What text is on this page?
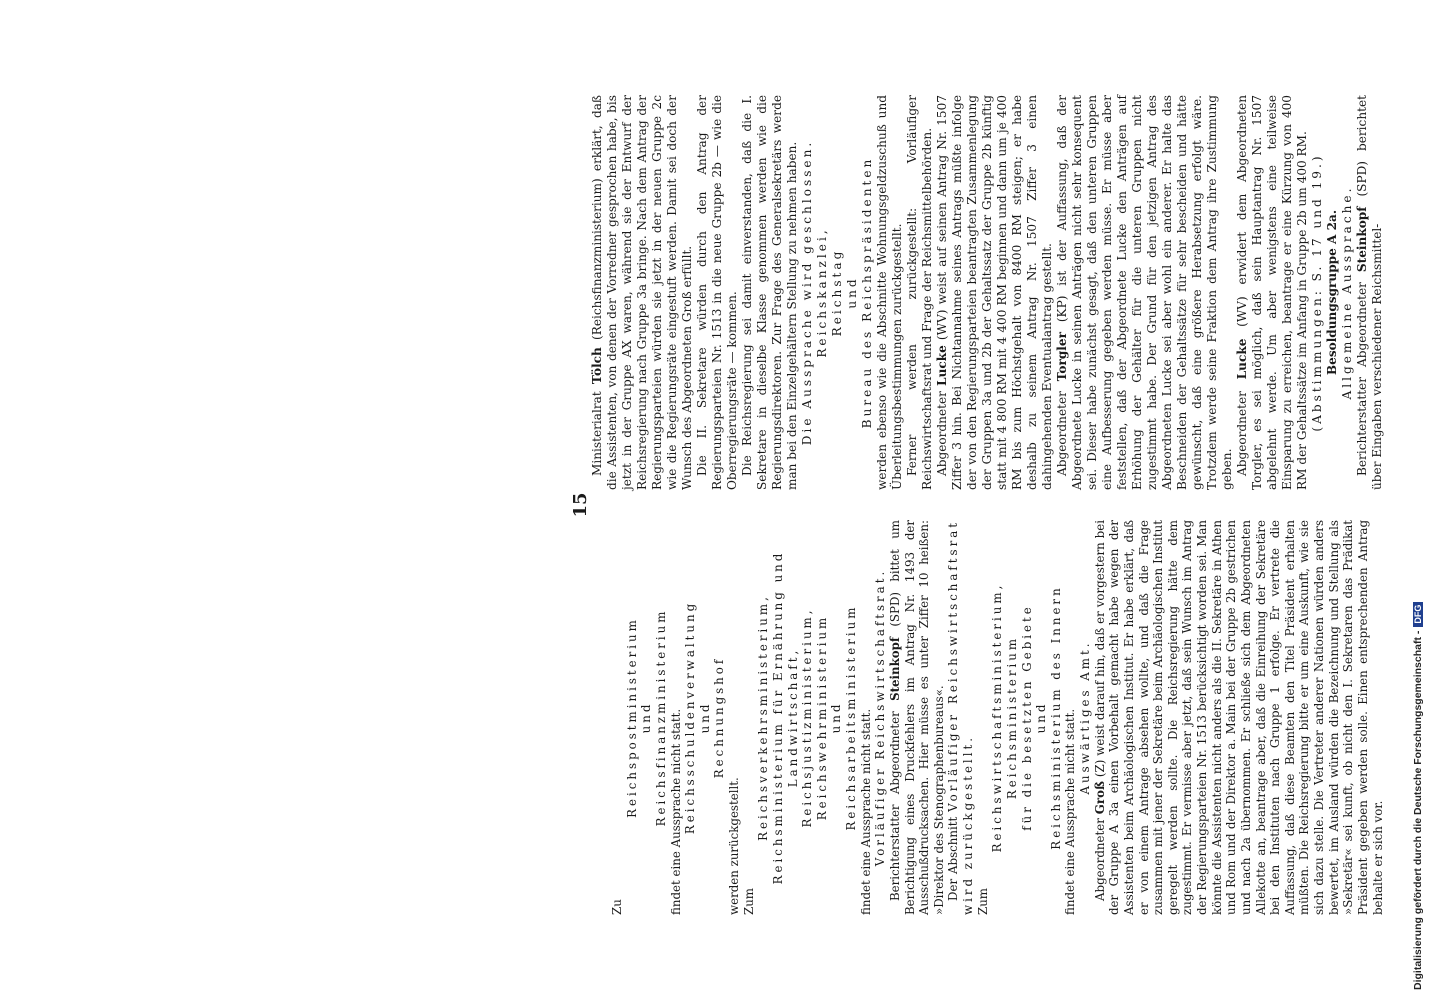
15

Zu

Reichspostministerium und Reichsfinanzministerium findet eine Aussprache nicht statt. Reichsschuldenverwaltung und Rechnungshof

werden zurückgestellt. Zum

Reichsverkehrsministerium, Reichsministerium für Ernährung und Landwirtschaft, Reichsjustizministerium, Reichswehrministerium und Reichsarbeitsministerium findet eine Aussprache nicht statt. Vorläufiger Reichswirtschaftsrat. Berichterstatter Abgeordneter Steinkopf (SPD) bittet um Berichtigung eines Druckfehlers im Antrag Nr. 1493 der Ausschußdrucksachen. Hier müsse es unter Ziffer 10 heißen: »Direktor des Stenographenbureaus«. Der Abschnitt Vorläufiger Reichswirtschaftsrat wird zurückgestellt. Zum

Reichswirtschaftsministerium, Reichsministerium für die besetzten Gebiete und Reichsministerium des Innern findet eine Aussprache nicht statt. Auswärtiges Amt.

Abgeordneter Groß (Z) weist darauf hin, daß er vorgestern bei der Gruppe A 3a einen Vorbehalt gemacht habe wegen der Assistenten beim Archäologischen Institut. Er habe erklärt, daß er von einem Antrage absehen wollte, und daß die Frage zusammen mit jener der Sekretäre beim Archäologischen Institut geregelt werden sollte. Die Reichsregierung hätte dem zugestimmt. Er vermisse aber jetzt, daß sein Wunsch im Antrag der Regierungsparteien Nr. 1513 berücksichtigt worden sei. Man könnte die Assistenten nicht anders als die II. Sekretäre in Athen und Rom und der Direktor a. Main bei der Gruppe 2b gestrichen und nach 2a übernommen. Er schließe sich dem Abgeordneten Allekotte an, beantrage aber, daß die Einreihung der Sekretäre bei den Instituten nach Gruppe 1 erfolge. Er vertrete die Auffassung, daß diese Beamten den Titel Präsident erhalten müßten. Die Reichsregierung bitte er um eine Auskunft, wie sie sich dazu stelle. Die Vertreter anderer Nationen würden anders bewertet, im Ausland würden die Bezeichnung und Stellung als »Sekretär« sei kunft, ob nicht den I. Sekretaren das Prädikat Präsident gegeben werden solle. Einen entsprechenden Antrag behalte er sich vor.

Ministerialrat Tölch (Reichsfinanzministerium) erklärt, daß die Assistenten, von denen der Vorredner gesprochen habe, bis jetzt in der Gruppe AX waren, während sie der Entwurf der Reichsregierung nach Gruppe 3a bringe. Nach dem Antrag der Regierungsparteien würden sie jetzt in der neuen Gruppe 2c wie die Regierungsräte eingestuft werden. Damit sei doch der Wunsch des Abgeordneten Groß erfüllt. Die II. Sekretare würden durch den Antrag der Regierungsparteien Nr. 1513 in die neue Gruppe 2b — wie die Oberregierungsräte — kommen. Die Reichsregierung sei damit einverstanden, daß die I. Sekretare in dieselbe Klasse genommen werden wie die Regierungsdirektoren. Zur Frage des Generalsekretärs werde man bei den Einzelgehältern Stellung zu nehmen haben. Die Aussprache wird geschlossen. Reichskanzlei, Reichstag und Bureau des Reichspräsidenten werden ebenso wie die Abschnitte Wohnungsgeldzuschuß und Überleitungsbestimmungen zurückgestellt. Ferner werden zurückgestellt: Vorläufiger Reichswirtschaftsrat und Frage der Reichsmittelbehörden. Abgeordneter Lucke (WV) weist auf seinen Antrag Nr. 1507 Ziffer 3 hin. Bei Nichtannahme seines Antrags müßte infolge der von den Regierungsparteien beantragten Zusammenlegung der Gruppen 3a und 2b der Gehaltssatz der Gruppe 2b künftig statt mit 4 800 RM mit 4 400 RM beginnen und dann um je 400 RM bis zum Höchstgehalt von 8400 RM steigen; er habe deshalb zu seinem Antrag Nr. 1507 Ziffer 3 einen dahingehenden Eventualantrag gestellt. Abgeordneter Torgler (KP) ist der Auffassung, daß der Abgeordnete Lucke in seinen Anträgen nicht sehr konsequent sei. Dieser habe zunächst gesagt, daß den unteren Gruppen eine Aufbesserung gegeben werden müsse. Er müsse aber feststellen, daß der Abgeordnete Lucke den Anträgen auf Erhöhung der Gehälter für die unteren Gruppen nicht zugestimmt habe. Der Grund für den jetzigen Antrag des Abgeordneten Lucke sei aber wohl ein anderer. Er halte das Beschneiden der Gehaltssätze für sehr bescheiden und hätte gewünscht, daß eine größere Herabsetzung erfolgt wäre. Trotzdem werde seine Fraktion dem Antrag ihre Zustimmung geben. Abgeordneter Lucke (WV) erwidert dem Abgeordneten Torgler, es sei möglich, daß sein Hauptantrag Nr. 1507 abgelehnt werde. Um aber wenigstens eine teilweise Einsparung zu erreichen, beantrage er eine Kürzung von 400 RM der Gehaltssätze im Anfang in Gruppe 2b um 400 RM. (Abstimmungen: S. 17 und 19.) Besoldungsgruppe A 2a. Allgemeine Aussprache. Berichterstatter Abgeordneter Steinkopf (SPD) berichtet über Eingaben verschiedener Reichsmittel-

Digitalisierung gefördert durch die Deutsche Forschungsgemeinschaft -DFG
